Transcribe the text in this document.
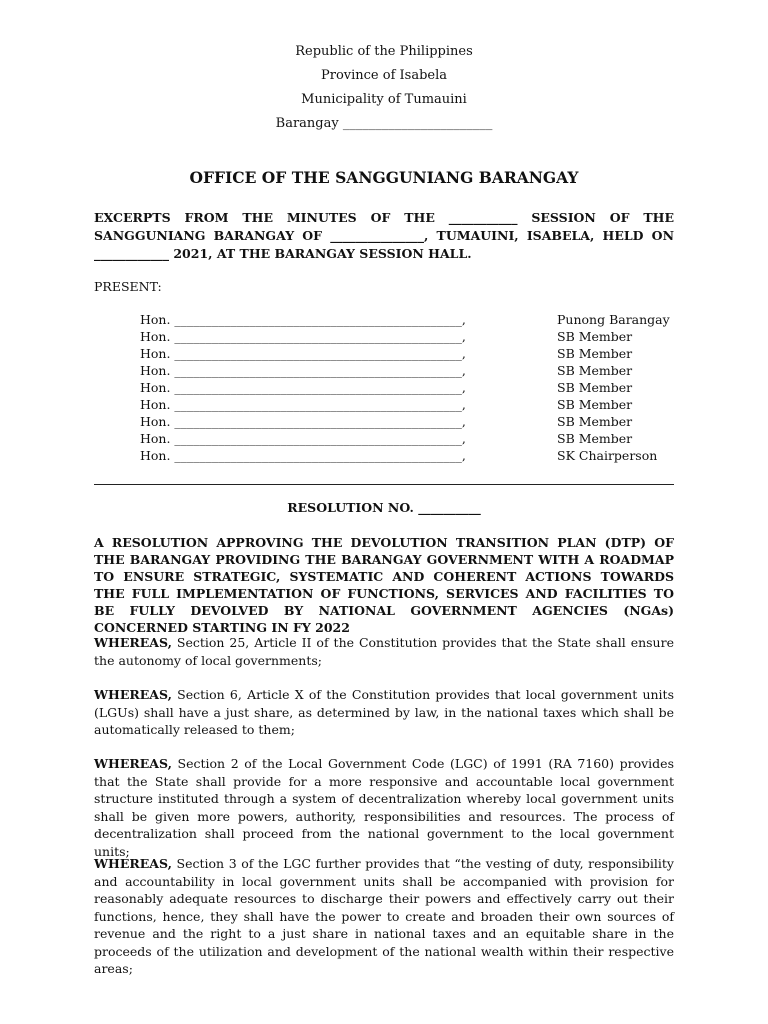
Republic of the Philippines
Province of Isabela
Municipality of Tumauini
Barangay _______________________
OFFICE OF THE SANGGUNIANG BARANGAY
EXCERPTS FROM THE MINUTES OF THE ___________ SESSION OF THE SANGGUNIANG BARANGAY OF _______________, TUMAUINI, ISABELA, HELD ON ____________ 2021, AT THE BARANGAY SESSION HALL.
PRESENT:
Hon. ______________________________________________,	Punong Barangay
Hon. ______________________________________________,	SB Member
Hon. ______________________________________________,	SB Member
Hon. ______________________________________________,	SB Member
Hon. ______________________________________________,	SB Member
Hon. ______________________________________________,	SB Member
Hon. ______________________________________________,	SB Member
Hon. ______________________________________________,	SB Member
Hon. ______________________________________________,	SK Chairperson
RESOLUTION NO. __________
A RESOLUTION APPROVING THE DEVOLUTION TRANSITION PLAN (DTP) OF THE BARANGAY PROVIDING THE BARANGAY GOVERNMENT WITH A ROADMAP TO ENSURE STRATEGIC, SYSTEMATIC AND COHERENT ACTIONS TOWARDS THE FULL IMPLEMENTATION OF FUNCTIONS, SERVICES AND FACILITIES TO BE FULLY DEVOLVED BY NATIONAL GOVERNMENT AGENCIES (NGAs) CONCERNED STARTING IN FY 2022
WHEREAS, Section 25, Article II of the Constitution provides that the State shall ensure the autonomy of local governments;
WHEREAS, Section 6, Article X of the Constitution provides that local government units (LGUs) shall have a just share, as determined by law, in the national taxes which shall be automatically released to them;
WHEREAS, Section 2 of the Local Government Code (LGC) of 1991 (RA 7160) provides that the State shall provide for a more responsive and accountable local government structure instituted through a system of decentralization whereby local government units shall be given more powers, authority, responsibilities and resources. The process of decentralization shall proceed from the national government to the local government units;
WHEREAS, Section 3 of the LGC further provides that “the vesting of duty, responsibility and accountability in local government units shall be accompanied with provision for reasonably adequate resources to discharge their powers and effectively carry out their functions, hence, they shall have the power to create and broaden their own sources of revenue and the right to a just share in national taxes and an equitable share in the proceeds of the utilization and development of the national wealth within their respective areas;
